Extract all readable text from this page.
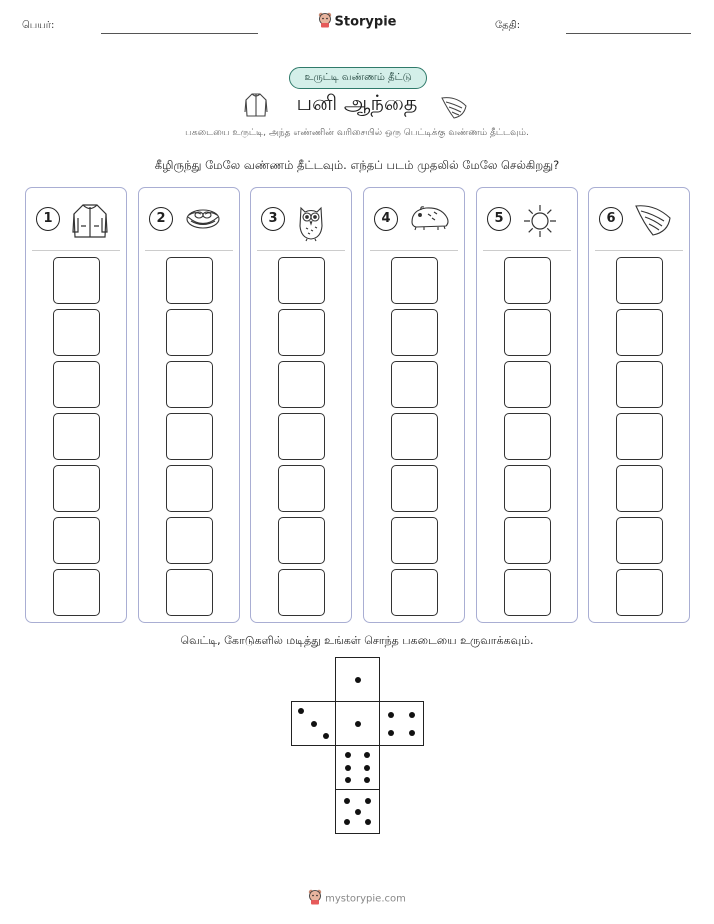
பெயர்:	Storypie	தேதி:
உருட்டி வண்ணம் தீட்டு
பனி ஆந்தை
பகடையை உருட்டி, அந்த எண்ணின் வரிசையில் ஒரு பெட்டிக்கு வண்ணம் தீட்டவும்.
கீழிருந்து மேலே வண்ணம் தீட்டவும். எந்தப் படம் முதலில் மேலே செல்கிறது?
1	2	3	4	5	6
வெட்டி, கோடுகளில் மடித்து உங்கள் சொந்த பகடையை உருவாக்கவும்.
mystorypie.com
